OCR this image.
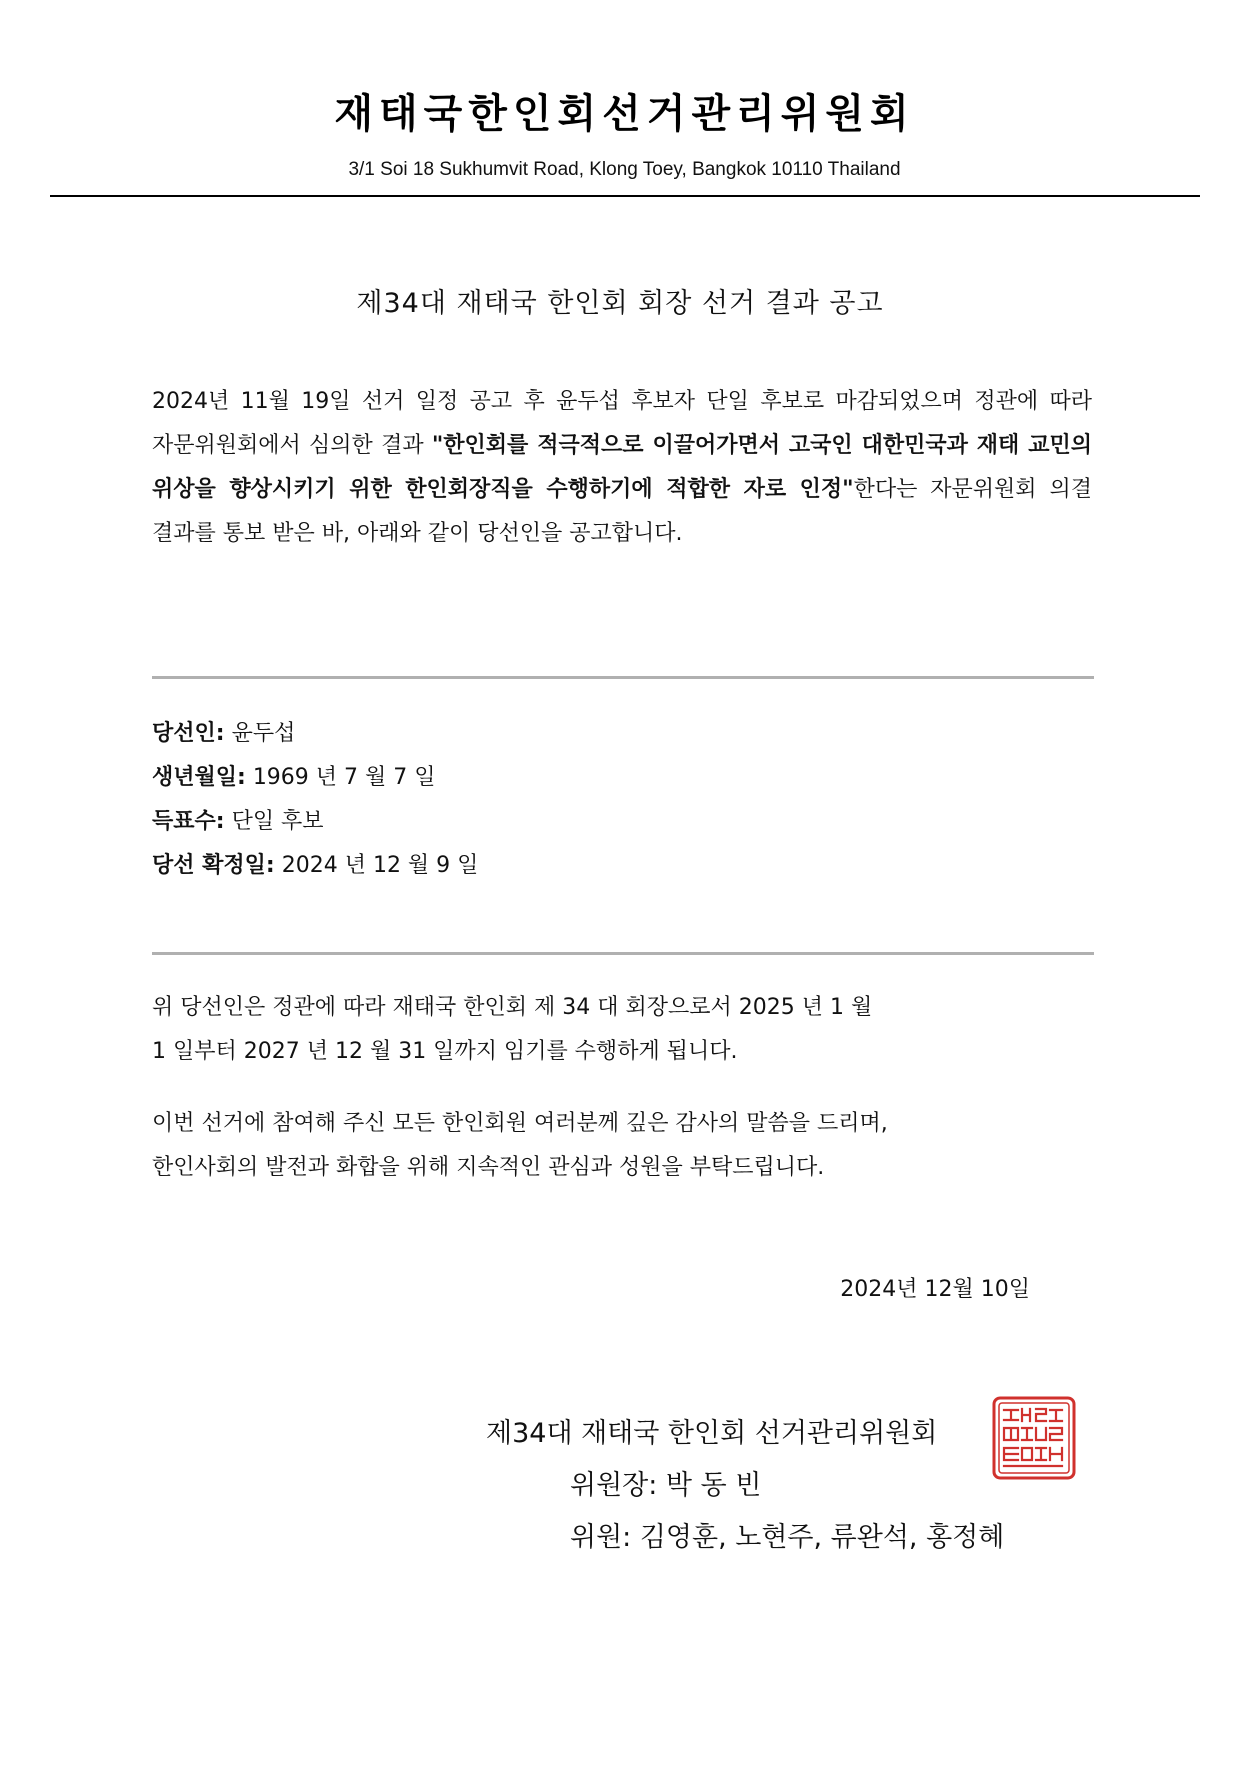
재태국한인회선거관리위원회
3/1 Soi 18 Sukhumvit Road, Klong Toey, Bangkok 10110 Thailand
제34대 재태국 한인회 회장 선거 결과 공고

2024년 11월 19일 선거 일정 공고 후 윤두섭 후보자 단일 후보로 마감되었으며 정관에 따라 자문위원회에서 심의한 결과 "한인회를 적극적으로 이끌어가면서 고국인 대한민국과 재태 교민의 위상을 향상시키기 위한 한인회장직을 수행하기에 적합한 자로 인정"한다는 자문위원회 의결 결과를 통보 받은 바, 아래와 같이 당선인을 공고합니다.

당선인: 윤두섭
생년월일: 1969 년 7 월 7 일
득표수: 단일 후보
당선 확정일: 2024 년 12 월 9 일

위 당선인은 정관에 따라 재태국 한인회 제 34 대 회장으로서 2025 년 1 월
1 일부터 2027 년 12 월 31 일까지 임기를 수행하게 됩니다.

이번 선거에 참여해 주신 모든 한인회원 여러분께 깊은 감사의 말씀을 드리며,
한인사회의 발전과 화합을 위해 지속적인 관심과 성원을 부탁드립니다.

2024년 12월 10일
제34대 재태국 한인회 선거관리위원회
위원장: 박 동 빈
위원: 김영훈, 노현주, 류완석, 홍정혜
